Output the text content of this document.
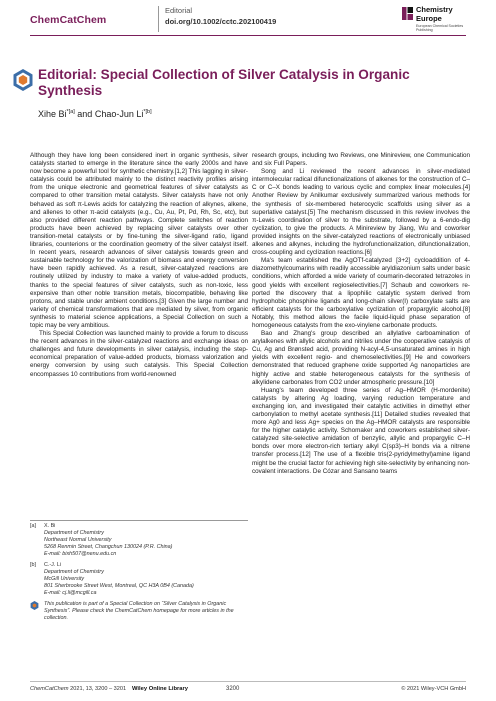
ChemCatChem
Editorial
doi.org/10.1002/cctc.202100419
Chemistry
Europe
European Chemical Societies Publishing
Editorial: Special Collection of Silver Catalysis in Organic Synthesis
Xihe $Bi^{*[a]}$ and Chao-Jun $Li^{*[b]}$

Although they have long been considered inert in organic synthesis, silver catalysts started to emerge in the literature since the early 2000s and have now become a powerful tool for synthetic chemistry.[1,2] This lagging in silver-catalysis could be attributed mainly to the distinct reactivity profiles arising from the unique electronic and geometrical features of silver catalysts as compared to other transition metal catalysts. Silver catalysts have not only behaved as soft π-Lewis acids for catalyzing the reaction of alkynes, alkene, and allenes to other π-acid catalysts (e.g., Cu, Au, Pt, Pd, Rh, Sc, etc), but also provided different reaction pathways. Complete switches of reaction products have been achieved by replacing silver catalysts over other transition-metal catalysts or by fine-tuning the silver-ligand ratio, ligand libraries, counterions or the coordination geometry of the silver catalyst itself. In recent years, research advances of silver catalysis towards green and sustainable technology for the valorization of biomass and energy conversion have been rapidly achieved. As a result, silver-catalyzed reactions are routinely utilized by industry to make a variety of value-added products, thanks to the special features of silver catalysts, such as non-toxic, less expensive than other noble transition metals, biocompatible, behaving like protons, and stable under ambient conditions.[3] Given the large number and variety of chemical transformations that are mediated by silver, from organic synthesis to material science applications, a Special Collection on such a topic may be very ambitious.

This Special Collection was launched mainly to provide a forum to discuss the recent advances in the silver-catalyzed reactions and exchange ideas on challenges and future developments in silver catalysis, including the step-economical preparation of value-added products, biomass valorization and energy conversion by using such catalysis. This Special Collection encompasses 10 contributions from world-renowned

research groups, including two Reviews, one Minireview, one Communication and six Full Papers.

Song and Li reviewed the recent advances in silver-mediated intermolecular radical difunctionalizations of alkenes for the construction of C–C or C–X bonds leading to various cyclic and complex linear molecules.[4] Another Review by Anilkumar exclusively summarized various methods for the synthesis of six-membered heterocyclic scaffolds using silver as a superlative catalyst.[5] The mechanism discussed in this review involves the π-Lewis coordination of silver to the substrate, followed by a 6-endo-dig cyclization, to give the products. A Minireview by Jiang, Wu and coworker provided insights on the silver-catalyzed reactions of electronically unbiased alkenes and alkynes, including the hydrofunctionalization, difunctionalization, cross-coupling and cyclization reactions.[6]

Ma's team established the AgOTf-catalyzed [3+2] cycloaddition of 4-diazomethylcoumarins with readily accessible aryldiazonium salts under basic conditions, which afforded a wide variety of coumarin-decorated tetrazoles in good yields with excellent regioselectivities.[7] Schaub and coworkers reported the discovery that a lipophilic catalytic system derived from hydrophobic phosphine ligands and long-chain silver(I) carboxylate salts are efficient catalysts for the carboxylative cyclization of propargylic alcohol.[8] Notably, this method allows the facile liquid-liquid phase separation of homogeneous catalysts from the exo-vinylene carbonate products.

Bao and Zhang's group described an allylative carboamination of arylalkenes with allylic alcohols and nitriles under the cooperative catalysis of Cu, Ag and Brønsted acid, providing N-acyl-4,5-unsaturated amines in high yields with excellent regio- and chemoselectivities.[9] He and coworkers demonstrated that reduced graphene oxide supported Ag nanoparticles are highly active and stable heterogeneous catalysts for the synthesis of alkylidene carbonates from CO2 under atmospheric pressure.[10]

Huang's team developed three series of Ag–HMOR (H-mordenite) catalysts by altering Ag loading, varying reduction temperature and exchanging ion, and investigated their catalytic activities in dimethyl ether carbonylation to methyl acetate synthesis.[11] Detailed studies revealed that more Ag0 and less Ag+ species on the Ag–HMOR catalysts are responsible for the higher catalytic activity. Schomaker and coworkers established silver-catalyzed site-selective amidation of benzylic, allylic and propargylic C–H bonds over more electron-rich tertiary alkyl C(sp3)–H bonds via a nitrene transfer process.[12] The use of a flexible tris(2-pyridylmethyl)amine ligand might be the crucial factor for achieving high site-selectivity by enhancing non-covalent interactions. De Cózar and Sansano teams

[a]	X. Bi
Department of Chemistry
Northeast Normal University
5268 Renmin Street, Changchun 130024 (P.R. China)
E-mail: bixh507@nenu.edu.cn
[b]	C.-J. Li
Department of Chemistry
McGill University
801 Sherbrooke Street West, Montreal, QC H3A 0B4 (Canada)
E-mail: cj.li@mcgill.ca
This publication is part of a Special Collection on “Silver Catalysis in Organic Synthesis”. Please check the ChemCatChem homepage for more articles in the collection.
ChemCatChem 2021, 13, 3200 – 3201 Wiley Online Library	3200	© 2021 Wiley-VCH GmbH
